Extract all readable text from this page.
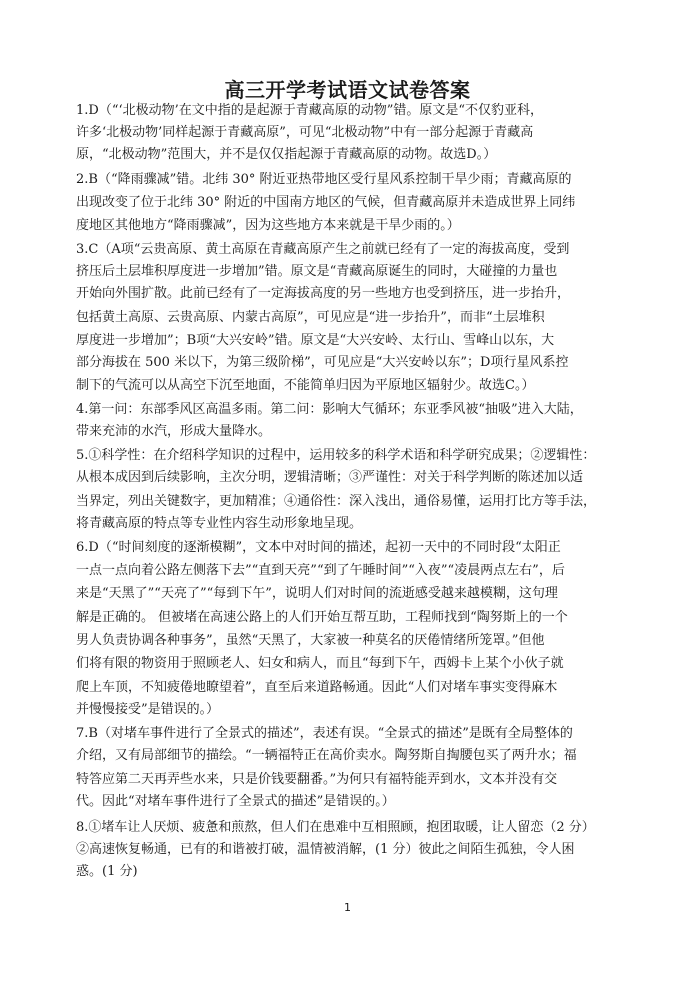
高三开学考试语文试卷答案
1.D（“‘北极动物’在文中指的是起源于青藏高原的动物”错。原文是“不仅豹亚科，
许多‘北极动物’同样起源于青藏高原”，可见“北极动物”中有一部分起源于青藏高
原，“北极动物”范围大，并不是仅仅指起源于青藏高原的动物。故选D。）
2.B（“降雨骤减”错。北纬 30° 附近亚热带地区受行星风系控制干旱少雨；青藏高原的
出现改变了位于北纬 30° 附近的中国南方地区的气候，但青藏高原并未造成世界上同纬
度地区其他地方“降雨骤减”，因为这些地方本来就是干旱少雨的。）
3.C（A项“云贵高原、黄土高原在青藏高原产生之前就已经有了一定的海拔高度，受到
挤压后土层堆积厚度进一步增加”错。原文是“青藏高原诞生的同时，大碰撞的力量也
开始向外围扩散。此前已经有了一定海拔高度的另一些地方也受到挤压，进一步抬升，
包括黄土高原、云贵高原、内蒙古高原”，可见应是“进一步抬升”，而非“土层堆积
厚度进一步增加”；B项“大兴安岭”错。原文是“大兴安岭、太行山、雪峰山以东，大
部分海拔在 500 米以下，为第三级阶梯”，可见应是“大兴安岭以东”；D项行星风系控
制下的气流可以从高空下沉至地面，不能简单归因为平原地区辐射少。故选C。）
4.第一问：东部季风区高温多雨。第二问：影响大气循环；东亚季风被“抽吸”进入大陆，
带来充沛的水汽，形成大量降水。
5.①科学性：在介绍科学知识的过程中，运用较多的科学术语和科学研究成果；②逻辑性：
从根本成因到后续影响，主次分明，逻辑清晰；③严谨性：对关于科学判断的陈述加以适
当界定，列出关键数字，更加精准；④通俗性：深入浅出，通俗易懂，运用打比方等手法，
将青藏高原的特点等专业性内容生动形象地呈现。
6.D（“时间刻度的逐渐模糊”，文本中对时间的描述，起初一天中的不同时段“太阳正
一点一点向着公路左侧落下去”“直到天亮”“到了午睡时间”“入夜”“凌晨两点左右”，后
来是“天黑了”“天亮了”“每到下午”，说明人们对时间的流逝感受越来越模糊，这句理
解是正确的。 但被堵在高速公路上的人们开始互帮互助，工程师找到“陶努斯上的一个
男人负责协调各种事务”，虽然“天黑了，大家被一种莫名的厌倦情绪所笼罩。”但他
们将有限的物资用于照顾老人、妇女和病人，而且“每到下午，西姆卡上某个小伙子就
爬上车顶，不知疲倦地瞭望着”，直至后来道路畅通。因此“人们对堵车事实变得麻木
并慢慢接受”是错误的。）
7.B（对堵车事件进行了全景式的描述”，表述有误。“全景式的描述”是既有全局整体的
介绍，又有局部细节的描绘。“一辆福特正在高价卖水。陶努斯自掏腰包买了两升水；福
特答应第二天再弄些水来，只是价钱要翻番。”为何只有福特能弄到水，文本并没有交
代。因此“对堵车事件进行了全景式的描述”是错误的。）
8.①堵车让人厌烦、疲惫和煎熬，但人们在患难中互相照顾，抱团取暖，让人留恋（2 分）
②高速恢复畅通，已有的和谐被打破，温情被消解，(1 分）彼此之间陌生孤独，令人困
惑。(1 分)
1
